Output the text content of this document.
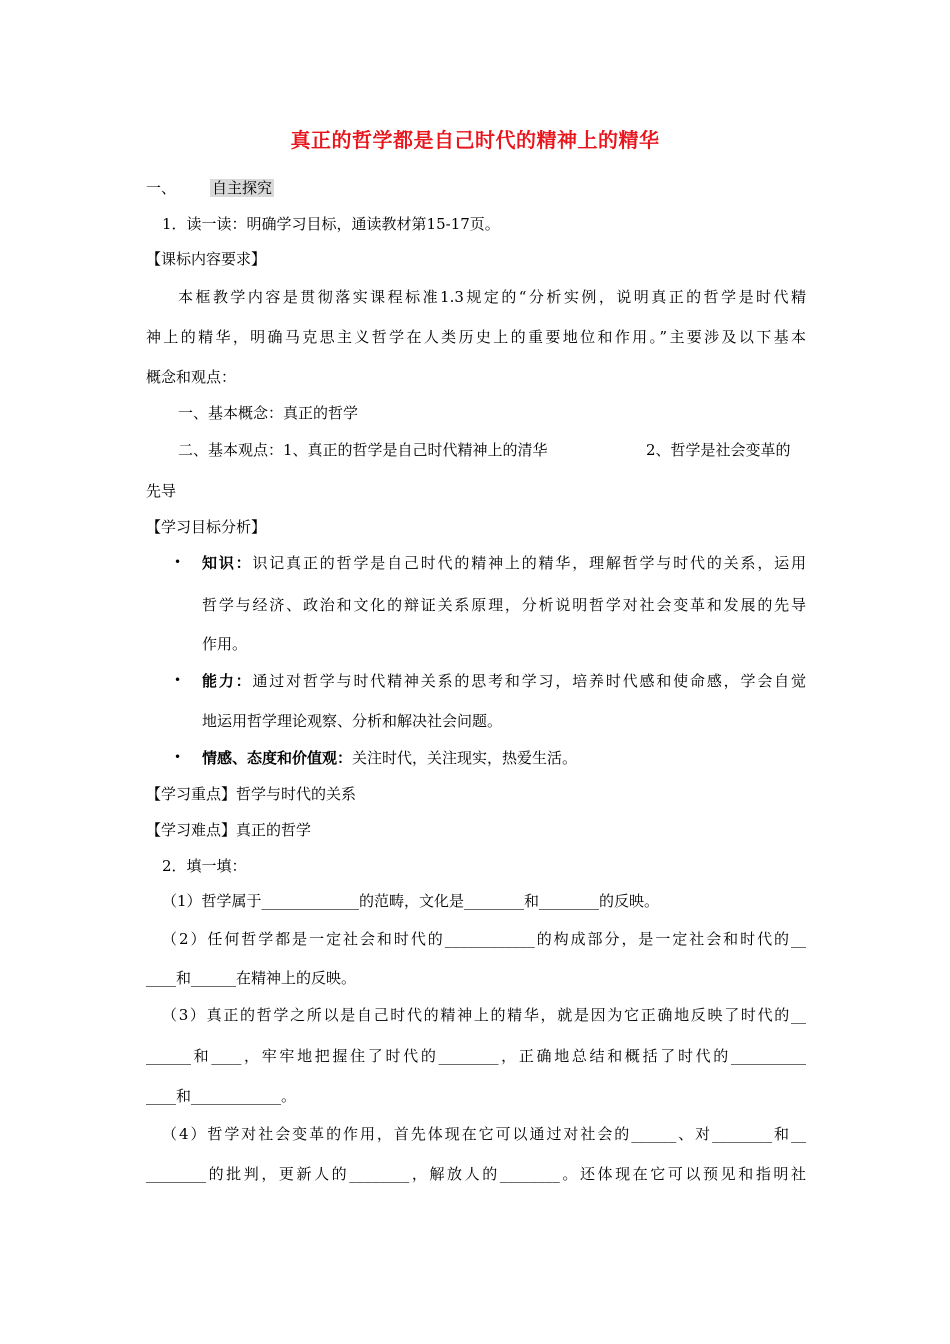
真正的哲学都是自己时代的精神上的精华
一、 自主探究
1．读一读：明确学习目标，通读教材第15-17页。
【课标内容要求】
本框教学内容是贯彻落实课程标准1.3规定的“分析实例，说明真正的哲学是时代精
神上的精华，明确马克思主义哲学在人类历史上的重要地位和作用。”主要涉及以下基本
概念和观点：
一、基本概念：真正的哲学
二、基本观点：1、真正的哲学是自己时代精神上的清华	2、哲学是社会变革的
先导
【学习目标分析】
• 知识：识记真正的哲学是自己时代的精神上的精华，理解哲学与时代的关系，运用
哲学与经济、政治和文化的辩证关系原理，分析说明哲学对社会变革和发展的先导
作用。
• 能力：通过对哲学与时代精神关系的思考和学习，培养时代感和使命感，学会自觉
地运用哲学理论观察、分析和解决社会问题。
• 情感、态度和价值观：关注时代，关注现实，热爱生活。
【学习重点】哲学与时代的关系
【学习难点】真正的哲学
2．填一填：
（1）哲学属于_____________的范畴，文化是________和________的反映。
（2）任何哲学都是一定社会和时代的____________的构成部分，是一定社会和时代的__
____和______在精神上的反映。
（3）真正的哲学之所以是自己时代的精神上的精华，就是因为它正确地反映了时代的__
______和____，牢牢地把握住了时代的________，正确地总结和概括了时代的__________
____和____________。
（4）哲学对社会变革的作用，首先体现在它可以通过对社会的______、对________和__
________的批判，更新人的________，解放人的________。还体现在它可以预见和指明社
